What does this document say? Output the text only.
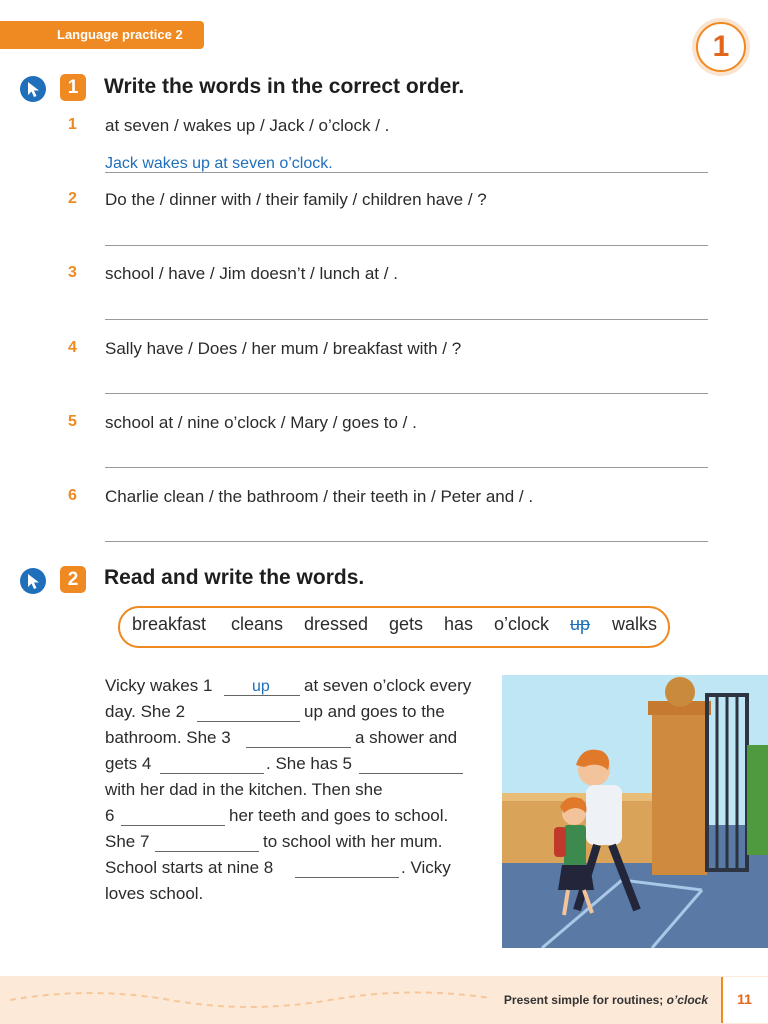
Language practice 2	1
1	Write the words in the correct order.
1	at seven / wakes up / Jack / o’clock / .
Jack wakes up at seven o’clock.
2	Do the / dinner with / their family / children have / ?
3	school / have / Jim doesn’t / lunch at / .
4	Sally have / Does / her mum / breakfast with / ?
5	school at / nine o’clock / Mary / goes to / .
6	Charlie clean / the bathroom / their teeth in / Peter and / .
2	Read and write the words.
breakfast cleans dressed gets has o’clock up walks
Vicky wakes 1 up at seven o’clock every
day. She 2	up and goes to the
bathroom. She 3	a shower and
gets 4	. She has 5
with her dad in the kitchen. Then she
6	her teeth and goes to school.
She 7	to school with her mum.
School starts at nine 8	. Vicky
loves school.
Present simple for routines; o’clock	11
